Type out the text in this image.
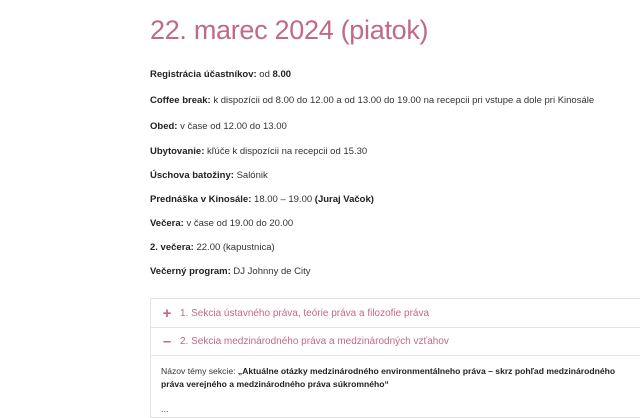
22. marec 2024 (piatok)
Registrácia účastníkov: od 8.00
Coffee break: k dispozícii od 8.00 do 12.00 a od 13.00 do 19.00 na recepcii pri vstupe a dole pri Kinosále
Obed: v čase od 12.00 do 13.00
Ubytovanie: kľúče k dispozícii na recepcii od 15.30
Úschova batožiny: Salónik
Prednáška v Kinosále: 18.00 – 19.00 (Juraj Vačok)
Večera: v čase od 19.00 do 20.00
2. večera: 22.00 (kapustnica)
Večerný program: DJ Johnny de City
+ 1. Sekcia ústavného práva, teórie práva a filozofie práva
– 2. Sekcia medzinárodného práva a medzinárodných vzťahov
Názov témy sekcie: „Aktuálne otázky medzinárodného environmentálneho práva – skrz pohľad medzinárodného
práva verejného a medzinárodného práva súkromného“
...
